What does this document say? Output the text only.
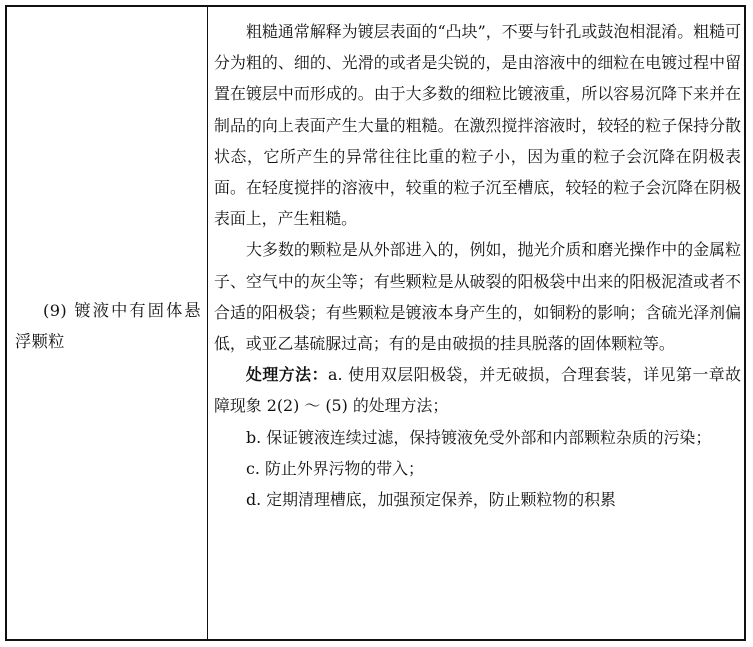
(9) 镀液中有固体悬浮颗粒

粗糙通常解释为镀层表面的“凸块”，不要与针孔或鼓泡相混淆。粗糙可分为粗的、细的、光滑的或者是尖锐的，是由溶液中的细粒在电镀过程中留置在镀层中而形成的。由于大多数的细粒比镀液重，所以容易沉降下来并在制品的向上表面产生大量的粗糙。在激烈搅拌溶液时，较轻的粒子保持分散状态，它所产生的异常往往比重的粒子小，因为重的粒子会沉降在阴极表面。在轻度搅拌的溶液中，较重的粒子沉至槽底，较轻的粒子会沉降在阴极表面上，产生粗糙。

大多数的颗粒是从外部进入的，例如，抛光介质和磨光操作中的金属粒子、空气中的灰尘等；有些颗粒是从破裂的阳极袋中出来的阳极泥渣或者不合适的阳极袋；有些颗粒是镀液本身产生的，如铜粉的影响；含硫光泽剂偏低，或亚乙基硫脲过高；有的是由破损的挂具脱落的固体颗粒等。

处理方法：a. 使用双层阳极袋，并无破损，合理套装，详见第一章故障现象 2(2) ～ (5) 的处理方法；

b. 保证镀液连续过滤，保持镀液免受外部和内部颗粒杂质的污染；

c. 防止外界污物的带入；

d. 定期清理槽底，加强预定保养，防止颗粒物的积累
